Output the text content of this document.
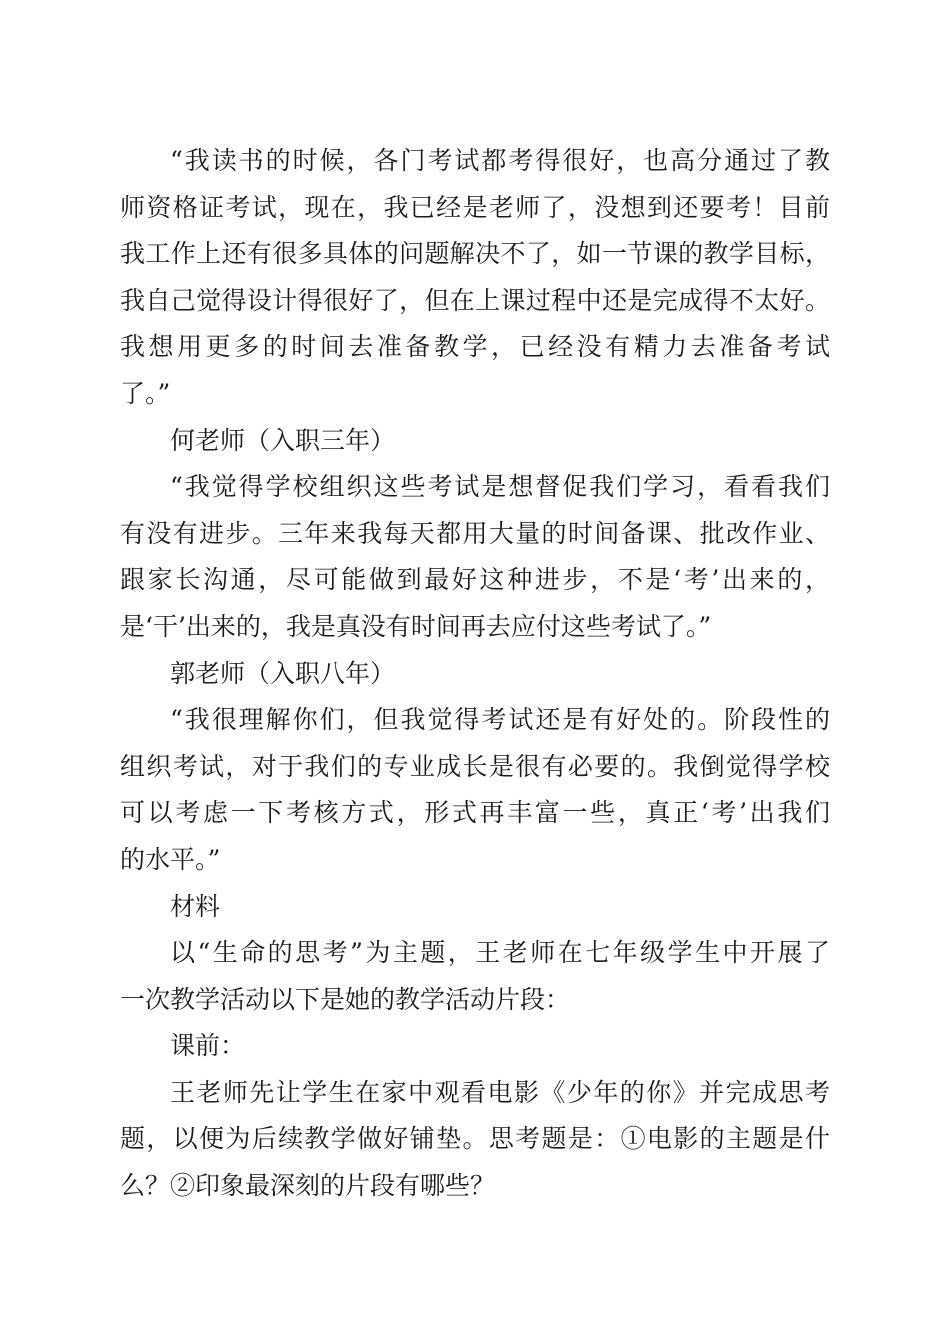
“我读书的时候，各门考试都考得很好，也高分通过了教
师资格证考试，现在，我已经是老师了，没想到还要考！目前
我工作上还有很多具体的问题解决不了，如一节课的教学目标，
我自己觉得设计得很好了，但在上课过程中还是完成得不太好。
我想用更多的时间去准备教学，已经没有精力去准备考试
了。”
何老师（入职三年）
“我觉得学校组织这些考试是想督促我们学习，看看我们
有没有进步。三年来我每天都用大量的时间备课、批改作业、
跟家长沟通，尽可能做到最好这种进步，不是‘考’出来的，
是‘干’出来的，我是真没有时间再去应付这些考试了。”
郭老师（入职八年）
“我很理解你们，但我觉得考试还是有好处的。阶段性的
组织考试，对于我们的专业成长是很有必要的。我倒觉得学校
可以考虑一下考核方式，形式再丰富一些，真正‘考’出我们
的水平。”
材料
以“生命的思考”为主题，王老师在七年级学生中开展了
一次教学活动以下是她的教学活动片段：
课前：
王老师先让学生在家中观看电影《少年的你》并完成思考
题，以便为后续教学做好铺垫。思考题是：①电影的主题是什
么？②印象最深刻的片段有哪些？
